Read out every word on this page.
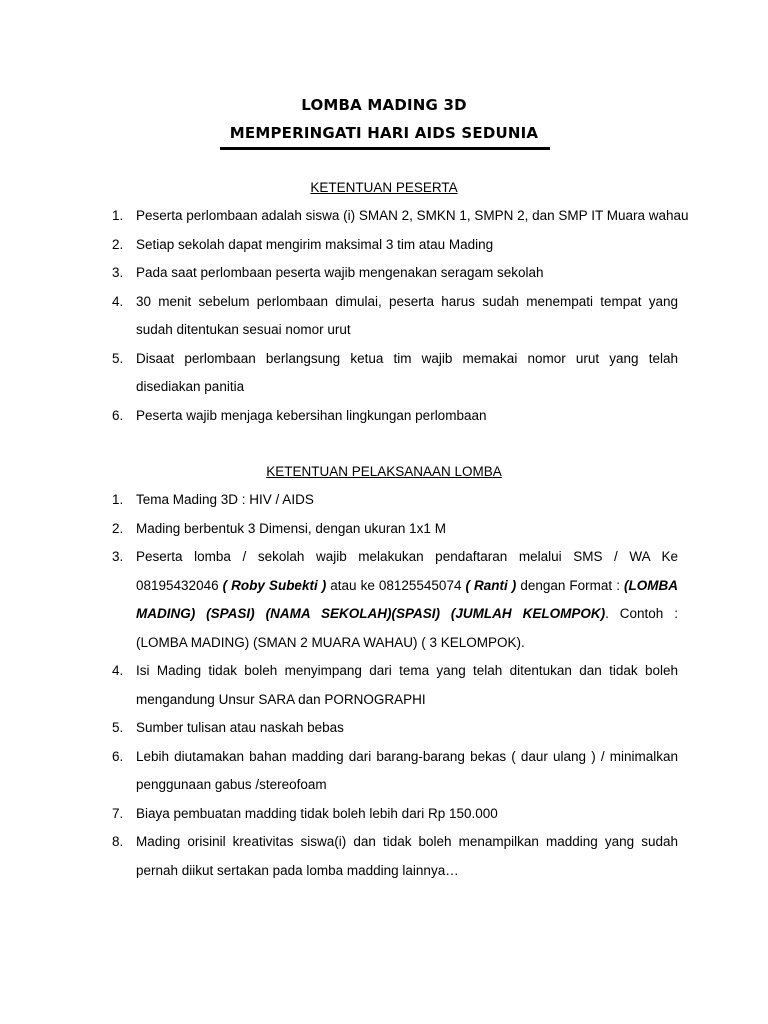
LOMBA MADING 3D
MEMPERINGATI HARI AIDS SEDUNIA
KETENTUAN PESERTA
1. Peserta perlombaan adalah siswa (i) SMAN 2, SMKN 1, SMPN 2, dan SMP IT Muara wahau
2. Setiap sekolah dapat mengirim maksimal 3 tim atau Mading
3. Pada saat perlombaan peserta wajib mengenakan seragam sekolah
4. 30 menit sebelum perlombaan dimulai, peserta harus sudah menempati tempat yang sudah ditentukan sesuai nomor urut
5. Disaat perlombaan berlangsung ketua tim wajib memakai nomor urut yang telah disediakan panitia
6. Peserta wajib menjaga kebersihan lingkungan perlombaan
KETENTUAN PELAKSANAAN LOMBA
1. Tema Mading 3D : HIV / AIDS
2. Mading berbentuk 3 Dimensi, dengan ukuran 1x1 M
3. Peserta lomba / sekolah wajib melakukan pendaftaran melalui SMS / WA Ke 08195432046 ( Roby Subekti ) atau ke 08125545074 ( Ranti ) dengan Format : (LOMBA MADING) (SPASI) (NAMA SEKOLAH)(SPASI) (JUMLAH KELOMPOK). Contoh : (LOMBA MADING) (SMAN 2 MUARA WAHAU) ( 3 KELOMPOK).
4. Isi Mading tidak boleh menyimpang dari tema yang telah ditentukan dan tidak boleh mengandung Unsur SARA dan PORNOGRAPHI
5. Sumber tulisan atau naskah bebas
6. Lebih diutamakan bahan madding dari barang-barang bekas ( daur ulang ) / minimalkan penggunaan gabus /stereofoam
7. Biaya pembuatan madding tidak boleh lebih dari Rp 150.000
8. Mading orisinil kreativitas siswa(i) dan tidak boleh menampilkan madding yang sudah pernah diikut sertakan pada lomba madding lainnya…
